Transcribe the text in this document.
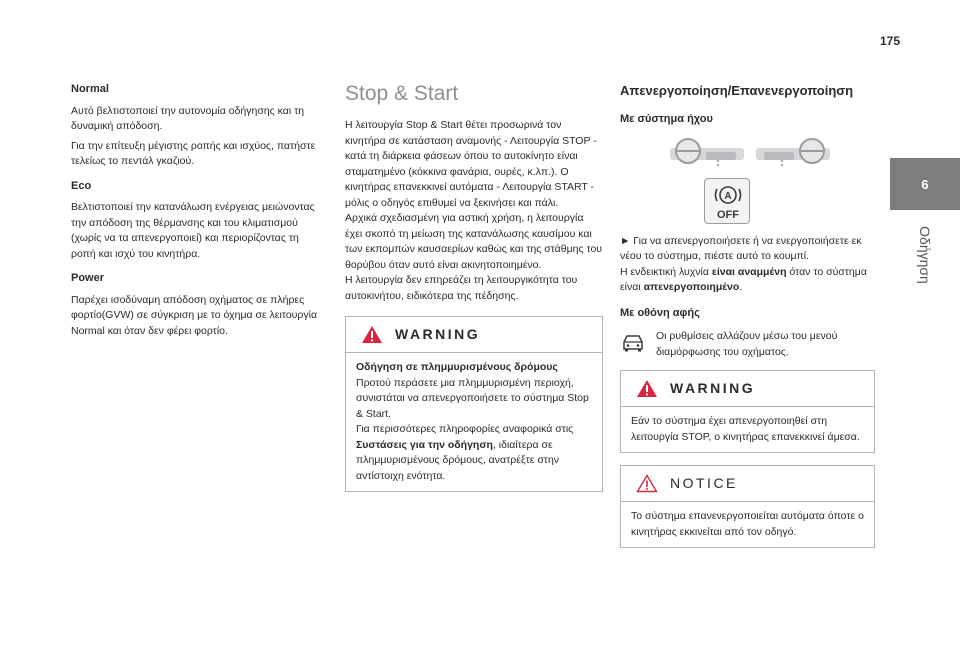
175
6
Οδήγηση
Normal
Αυτό βελτιστοποιεί την αυτονομία οδήγησης και τη δυναμική απόδοση.
Για την επίτευξη μέγιστης ροπής και ισχύος, πατήστε τελείως το πεντάλ γκαζιού.
Eco
Βελτιστοποιεί την κατανάλωση ενέργειας μειώνοντας την απόδοση της θέρμανσης και του κλιματισμού (χωρίς να τα απενεργοποιεί) και περιορίζοντας τη ροπή και ισχύ του κινητήρα.
Power
Παρέχει ισοδύναμη απόδοση οχήματος σε πλήρες φορτίο(GVW) σε σύγκριση με το όχημα σε λειτουργία Normal και όταν δεν φέρει φορτίο.
Stop & Start
Η λειτουργία Stop & Start θέτει προσωρινά τον κινητήρα σε κατάσταση αναμονής - Λειτουργία STOP - κατά τη διάρκεια φάσεων όπου το αυτοκίνητο είναι σταματημένο (κόκκινα φανάρια, ουρές, κ.λπ.). Ο κινητήρας επανεκκινεί αυτόματα - Λειτουργία START - μόλις ο οδηγός επιθυμεί να ξεκινήσει και πάλι.
Αρχικά σχεδιασμένη για αστική χρήση, η λειτουργία έχει σκοπό τη μείωση της κατανάλωσης καυσίμου και των εκπομπών καυσαερίων καθώς και της στάθμης του θορύβου όταν αυτό είναι ακινητοποιημένο.
Η λειτουργία δεν επηρεάζει τη λειτουργικότητα του αυτοκινήτου, ειδικότερα της πέδησης.
WARNING
Οδήγηση σε πλημμυρισμένους δρόμους
Προτού περάσετε μια πλημμυρισμένη περιοχή, συνιστάται να απενεργοποιήσετε το σύστημα Stop & Start.
Για περισσότερες πληροφορίες αναφορικά στις Συστάσεις για την οδήγηση, ιδιαίτερα σε πλημμυρισμένους δρόμους, ανατρέξτε στην αντίστοιχη ενότητα.
Απενεργοποίηση/Επανενεργοποίηση
Με σύστημα ήχου
A
OFF
► Για να απενεργοποιήσετε ή να ενεργοποιήσετε εκ νέου το σύστημα, πιέστε αυτό το κουμπί.
Η ενδεικτική λυχνία είναι αναμμένη όταν το σύστημα είναι απενεργοποιημένο.
Με οθόνη αφής
Οι ρυθμίσεις αλλάζουν μέσω του μενού διαμόρφωσης του οχήματος.
WARNING
Εάν το σύστημα έχει απενεργοποιηθεί στη λειτουργία STOP, ο κινητήρας επανεκκινεί άμεσα.
NOTICE
Το σύστημα επανενεργοποιείται αυτόματα όποτε ο κινητήρας εκκινείται από τον οδηγό.
